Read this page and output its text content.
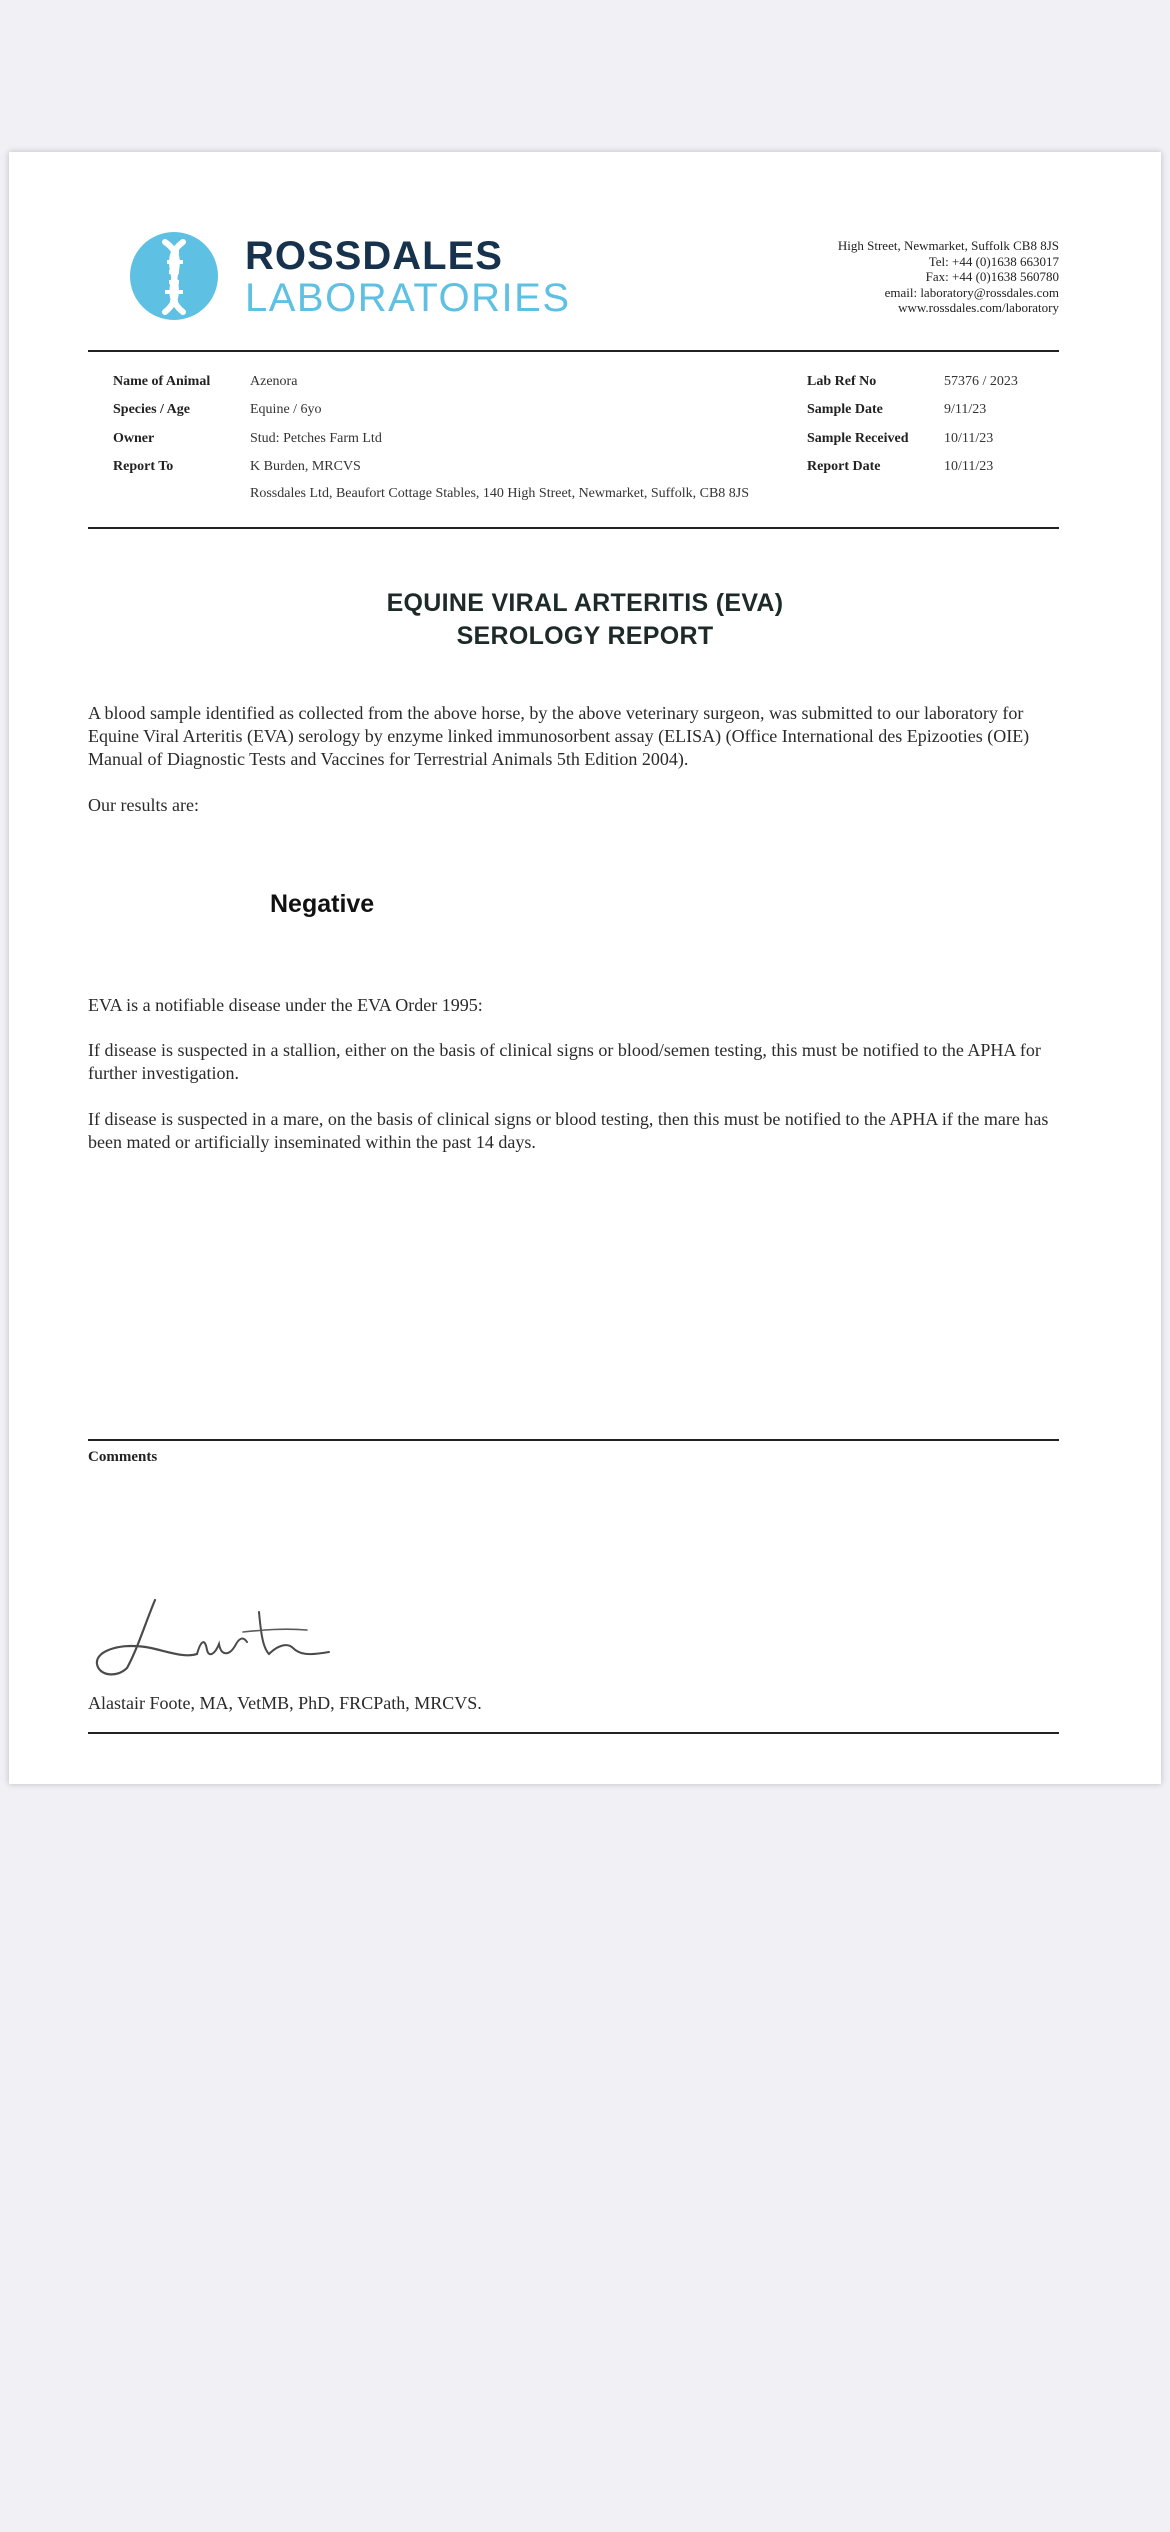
ROSSDALES
LABORATORIES
High Street, Newmarket, Suffolk CB8 8JS
Tel: +44 (0)1638 663017
Fax: +44 (0)1638 560780
email: laboratory@rossdales.com
www.rossdales.com/laboratory
Name of Animal	Azenora
Species / Age	Equine / 6yo
Owner	Stud: Petches Farm Ltd
Report To	K Burden, MRCVS
Rossdales Ltd, Beaufort Cottage Stables, 140 High Street, Newmarket, Suffolk, CB8 8JS
Lab Ref No	57376 / 2023
Sample Date	9/11/23
Sample Received	10/11/23
Report Date	10/11/23
EQUINE VIRAL ARTERITIS (EVA)
SEROLOGY REPORT
A blood sample identified as collected from the above horse, by the above veterinary surgeon, was submitted to our laboratory for Equine Viral Arteritis (EVA) serology by enzyme linked immunosorbent assay (ELISA) (Office International des Epizooties (OIE) Manual of Diagnostic Tests and Vaccines for Terrestrial Animals 5th Edition 2004).
Our results are:
Negative
EVA is a notifiable disease under the EVA Order 1995:
If disease is suspected in a stallion, either on the basis of clinical signs or blood/semen testing, this must be notified to the APHA for further investigation.
If disease is suspected in a mare, on the basis of clinical signs or blood testing, then this must be notified to the APHA if the mare has been mated or artificially inseminated within the past 14 days.
Comments
Alastair Foote, MA, VetMB, PhD, FRCPath, MRCVS.
